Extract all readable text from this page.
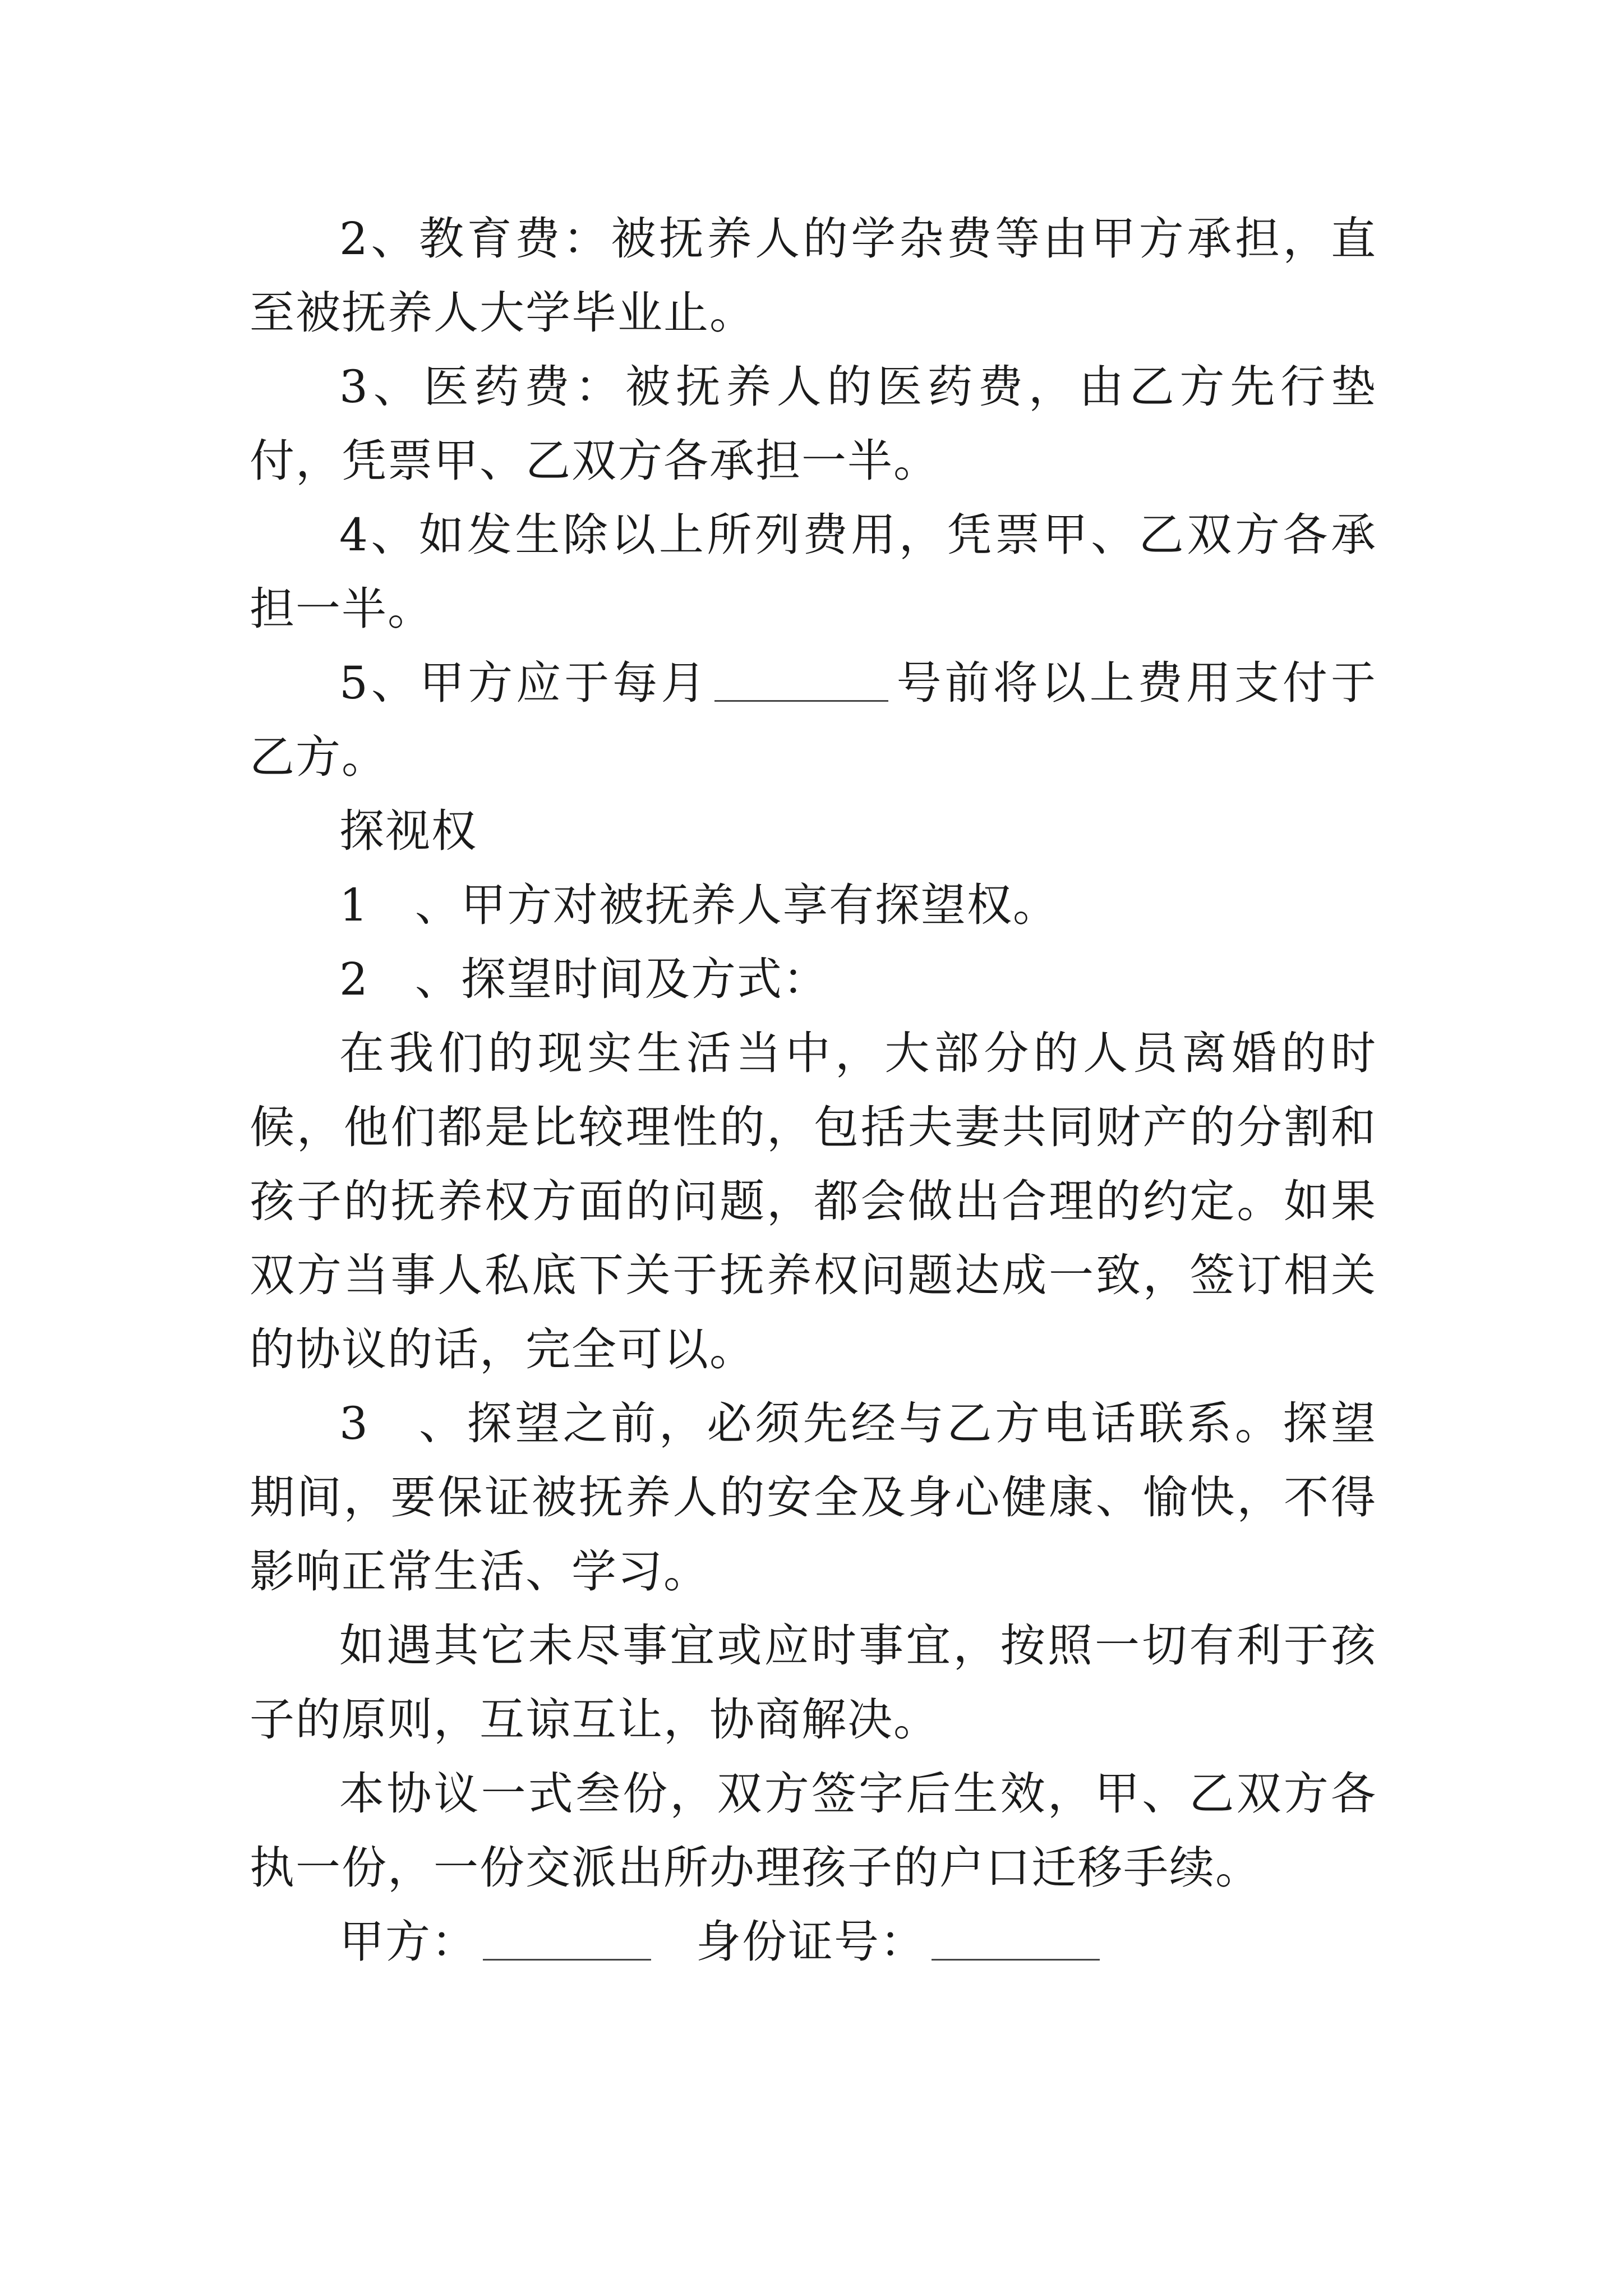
2、教育费：被抚养人的学杂费等由甲方承担，直至被抚养人大学毕业止。

3、医药费：被抚养人的医药费，由乙方先行垫付，凭票甲、乙双方各承担一半。

4、如发生除以上所列费用，凭票甲、乙双方各承担一半。

5、甲方应于每月	号前将以上费用支付于乙方。

探视权

1　、甲方对被抚养人享有探望权。

2　、探望时间及方式：

在我们的现实生活当中，大部分的人员离婚的时候，他们都是比较理性的，包括夫妻共同财产的分割和孩子的抚养权方面的问题，都会做出合理的约定。如果双方当事人私底下关于抚养权问题达成一致，签订相关的协议的话，完全可以。

3　、探望之前，必须先经与乙方电话联系。探望期间，要保证被抚养人的安全及身心健康、愉快，不得影响正常生活、学习。

如遇其它未尽事宜或应时事宜，按照一切有利于孩子的原则，互谅互让，协商解决。

本协议一式叁份，双方签字后生效，甲、乙双方各执一份，一份交派出所办理孩子的户口迁移手续。

甲方：	身份证号：
